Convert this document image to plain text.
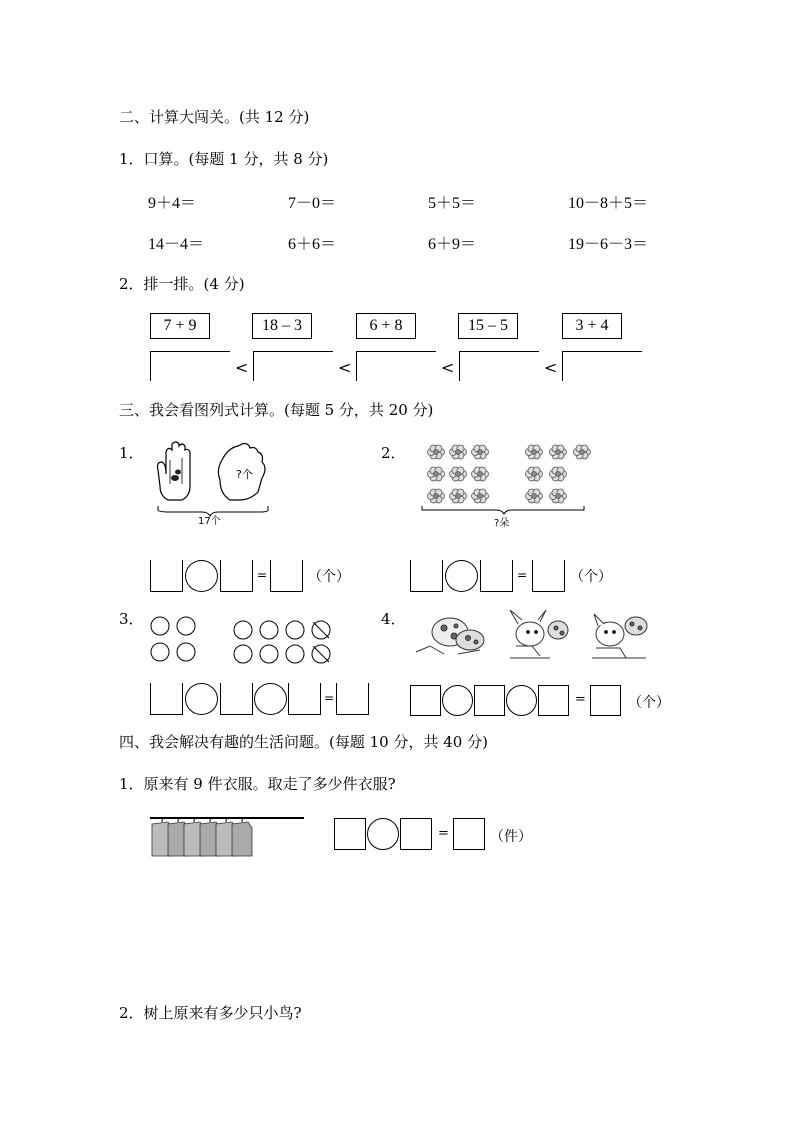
二、计算大闯关。(共 12 分)
1．口算。(每题 1 分，共 8 分)
9＋4＝	7－0＝	5＋5＝	10－8＋5＝
14－4＝	6＋6＝	6＋9＝	19－6－3＝
2．排一排。(4 分)
7 + 9	18 – 3	6 + 8	15 – 5	3 + 4
<	<	<	<
三、我会看图列式计算。(每题 5 分，共 20 分)
1．
?个
17个
2．
?朵
=	（个）	=	（个）
3．	4．
=	=	（个）
四、我会解决有趣的生活问题。(每题 10 分，共 40 分)
1．原来有 9 件衣服。取走了多少件衣服?
=	（件）
2．树上原来有多少只小鸟?
